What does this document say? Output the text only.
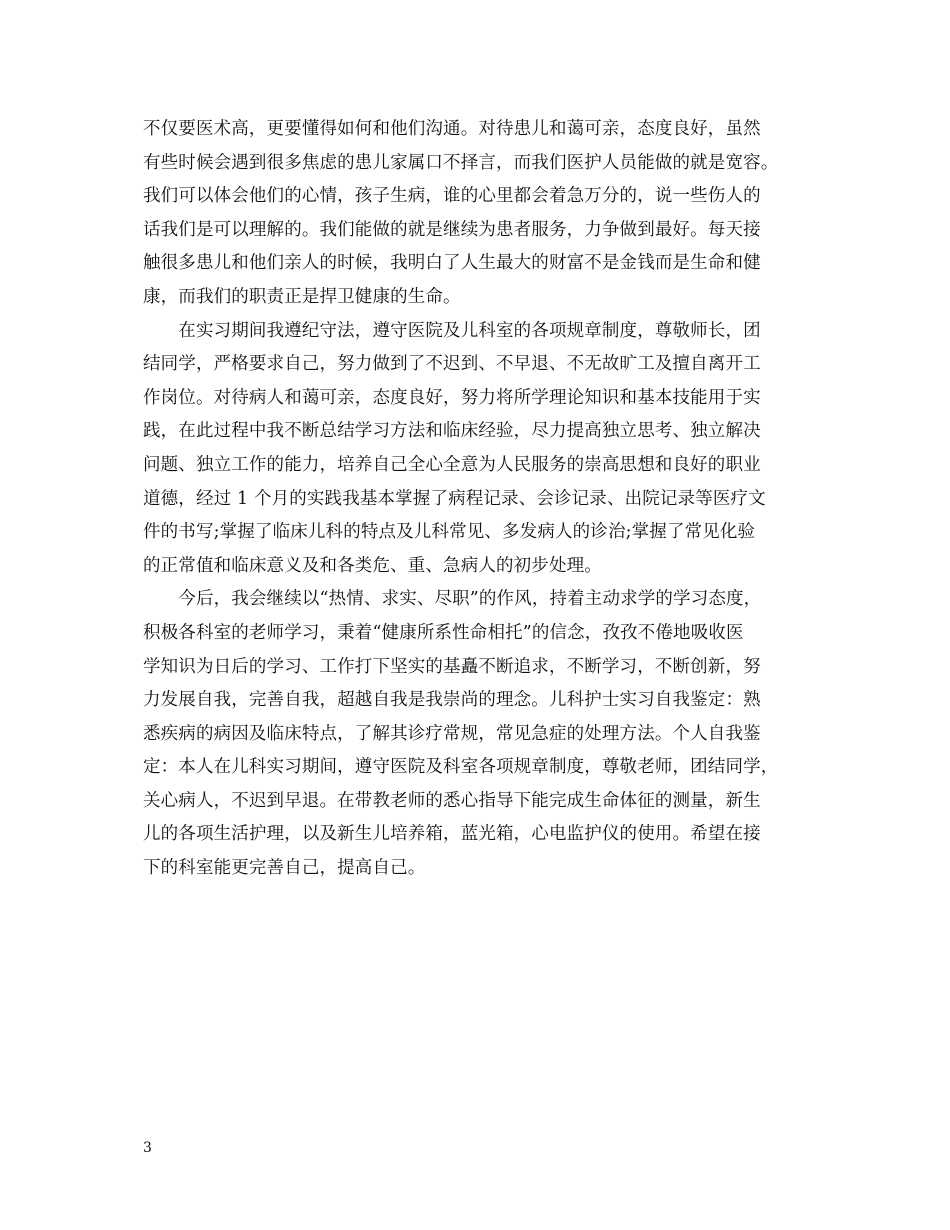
不仅要医术高，更要懂得如何和他们沟通。对待患儿和蔼可亲，态度良好，虽然
有些时候会遇到很多焦虑的患儿家属口不择言，而我们医护人员能做的就是宽容。
我们可以体会他们的心情，孩子生病，谁的心里都会着急万分的，说一些伤人的
话我们是可以理解的。我们能做的就是继续为患者服务，力争做到最好。每天接
触很多患儿和他们亲人的时候，我明白了人生最大的财富不是金钱而是生命和健
康，而我们的职责正是捍卫健康的生命。
　　在实习期间我遵纪守法，遵守医院及儿科室的各项规章制度，尊敬师长，团
结同学，严格要求自己，努力做到了不迟到、不早退、不无故旷工及擅自离开工
作岗位。对待病人和蔼可亲，态度良好，努力将所学理论知识和基本技能用于实
践，在此过程中我不断总结学习方法和临床经验，尽力提高独立思考、独立解决
问题、独立工作的能力，培养自己全心全意为人民服务的崇高思想和良好的职业
道德，经过 1 个月的实践我基本掌握了病程记录、会诊记录、出院记录等医疗文
件的书写;掌握了临床儿科的特点及儿科常见、多发病人的诊治;掌握了常见化验
的正常值和临床意义及和各类危、重、急病人的初步处理。
　　今后，我会继续以“热情、求实、尽职”的作风，持着主动求学的学习态度，
积极各科室的老师学习，秉着“健康所系性命相托”的信念，孜孜不倦地吸收医
学知识为日后的学习、工作打下坚实的基矗不断追求，不断学习，不断创新，努
力发展自我，完善自我，超越自我是我崇尚的理念。儿科护士实习自我鉴定：熟
悉疾病的病因及临床特点，了解其诊疗常规，常见急症的处理方法。个人自我鉴
定：本人在儿科实习期间，遵守医院及科室各项规章制度，尊敬老师，团结同学，
关心病人，不迟到早退。在带教老师的悉心指导下能完成生命体征的测量，新生
儿的各项生活护理，以及新生儿培养箱，蓝光箱，心电监护仪的使用。希望在接
下的科室能更完善自己，提高自己。
3
